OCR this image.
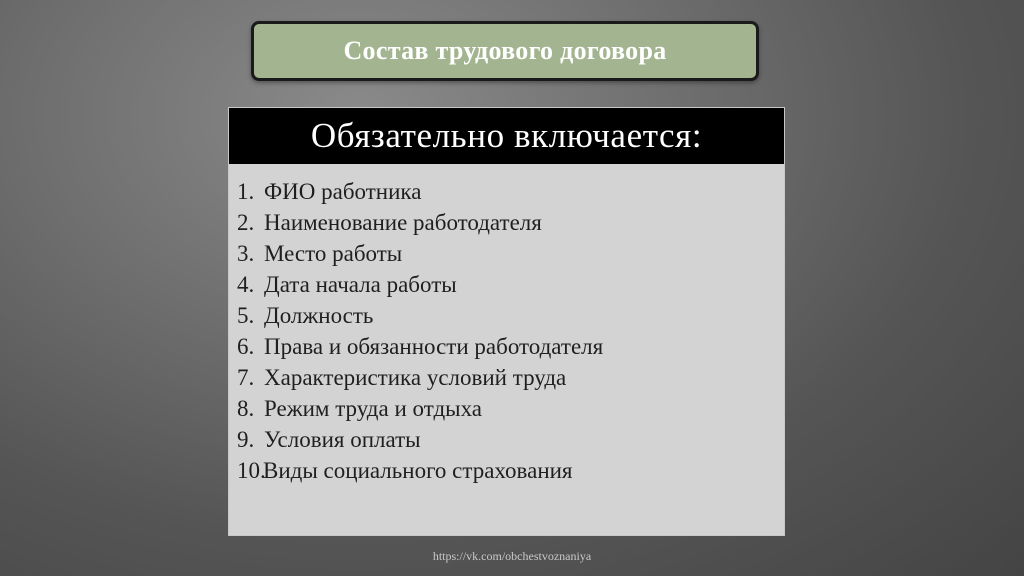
Состав трудового договора
Обязательно включается:
1. ФИО работника
2. Наименование работодателя
3. Место работы
4. Дата начала работы
5. Должность
6. Права и обязанности работодателя
7. Характеристика условий труда
8. Режим труда и отдыха
9. Условия оплаты
10.
Виды социального страхования
https://vk.com/obchestvoznaniya
